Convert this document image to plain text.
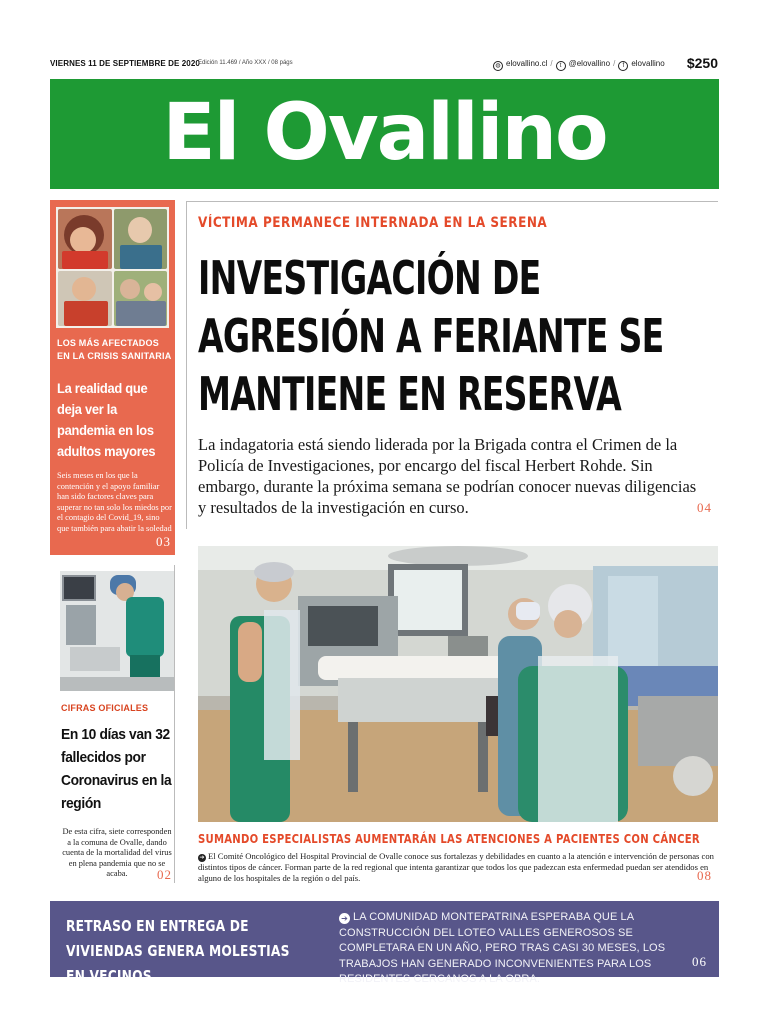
VIERNES 11 DE SEPTIEMBRE DE 2020
Edición 11.469 / Año XXX / 08 págs	◍ elovallino.cl / t @elovallino / f elovallino $250
El Ovallino
LOS MÁS AFECTADOS EN LA CRISIS SANITARIA
La realidad que deja ver la pandemia en los adultos mayores
Seis meses en los que la contención y el apoyo familiar han sido factores claves para superar no tan solo los miedos por el contagio del Covid_19, sino que también para abatir la soledad
03
CIFRAS OFICIALES
En 10 días van 32 fallecidos por Coronavirus en la región
De esta cifra, siete corresponden a la comuna de Ovalle, dando cuenta de la mortalidad del virus en plena pandemia que no se acaba.	02
VÍCTIMA PERMANECE INTERNADA EN LA SERENA
INVESTIGACIÓN DE AGRESIÓN A FERIANTE SE MANTIENE EN RESERVA
La indagatoria está siendo liderada por la Brigada contra el Crimen de la Policía de Investigaciones, por encargo del fiscal Herbert Rohde. Sin embargo, durante la próxima semana se podrían conocer nuevas diligencias y resultados de la investigación en curso.	04
SUMANDO ESPECIALISTAS AUMENTARÁN LAS ATENCIONES A PACIENTES CON CÁNCER
➔ El Comité Oncológico del Hospital Provincial de Ovalle conoce sus fortalezas y debilidades en cuanto a la atención e intervención de personas con distintos tipos de cáncer. Forman parte de la red regional que intenta garantizar que todos los que padezcan esta enfermedad puedan ser atendidos en alguno de los hospitales de la región o del país.	08
RETRASO EN ENTREGA DE VIVIENDAS GENERA MOLESTIAS EN VECINOS
➔ LA COMUNIDAD MONTEPATRINA ESPERABA QUE LA CONSTRUCCIÓN DEL LOTEO VALLES GENEROSOS SE COMPLETARA EN UN AÑO, PERO TRAS CASI 30 MESES, LOS TRABAJOS HAN GENERADO INCONVENIENTES PARA LOS RESIDENTES CERCANOS A LA OBRA.
06
